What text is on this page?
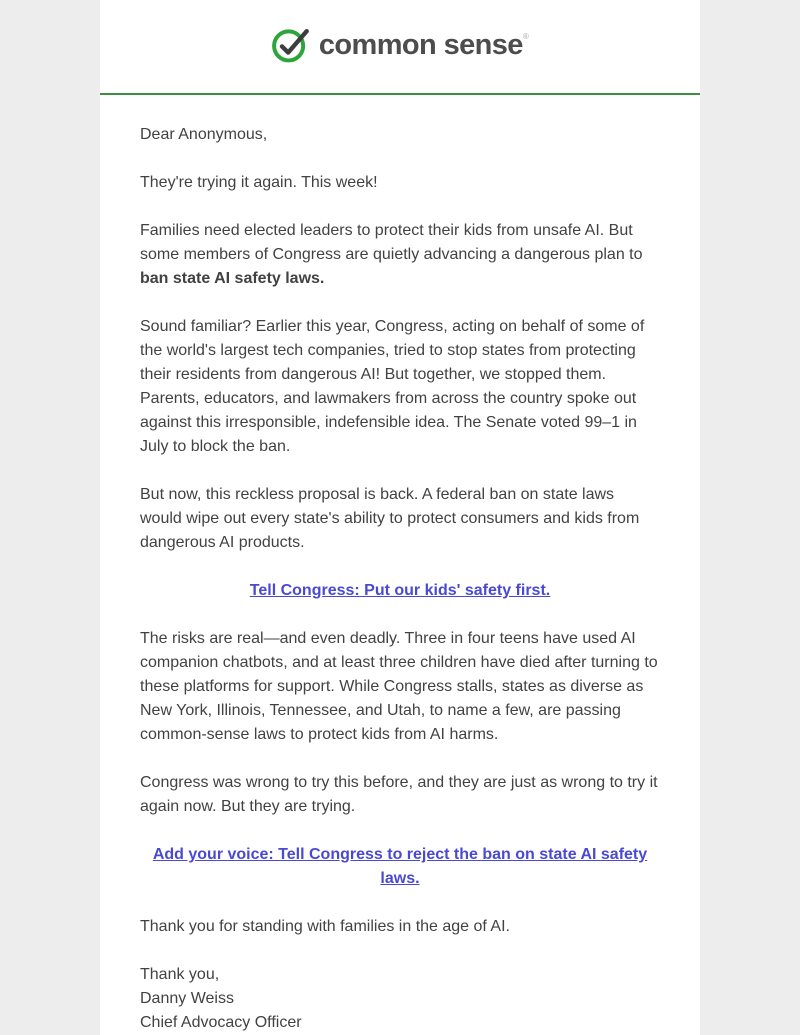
common sense®

Dear Anonymous,

They're trying it again. This week!

Families need elected leaders to protect their kids from unsafe AI. But some members of Congress are quietly advancing a dangerous plan to ban state AI safety laws.

Sound familiar? Earlier this year, Congress, acting on behalf of some of the world's largest tech companies, tried to stop states from protecting their residents from dangerous AI! But together, we stopped them. Parents, educators, and lawmakers from across the country spoke out against this irresponsible, indefensible idea. The Senate voted 99–1 in July to block the ban.

But now, this reckless proposal is back. A federal ban on state laws would wipe out every state's ability to protect consumers and kids from dangerous AI products.

Tell Congress: Put our kids' safety first.

The risks are real—and even deadly. Three in four teens have used AI companion chatbots, and at least three children have died after turning to these platforms for support. While Congress stalls, states as diverse as New York, Illinois, Tennessee, and Utah, to name a few, are passing common-sense laws to protect kids from AI harms.

Congress was wrong to try this before, and they are just as wrong to try it again now. But they are trying.

Add your voice: Tell Congress to reject the ban on state AI safety laws.

Thank you for standing with families in the age of AI.

Thank you,
Danny Weiss
Chief Advocacy Officer
